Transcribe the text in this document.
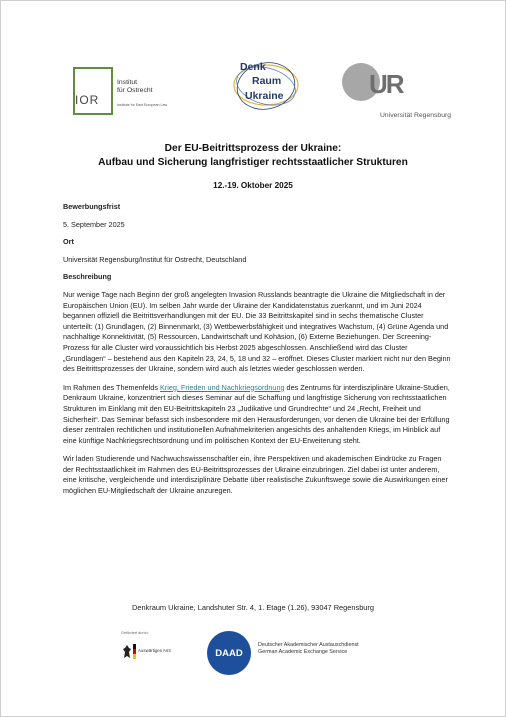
IOR
Institut
für Ostrecht
Institute for East European Law
Denk
Raum
Ukraine	UR
Universität Regensburg
Der EU-Beitrittsprozess der Ukraine:
Aufbau und Sicherung langfristiger rechtsstaatlicher Strukturen
12.-19. Oktober 2025

Bewerbungsfrist

5. September 2025

Ort

Universität Regensburg/Institut für Ostrecht, Deutschland

Beschreibung

Nur wenige Tage nach Beginn der groß angelegten Invasion Russlands beantragte die Ukraine die Mitgliedschaft in der Europäischen Union (EU). Im selben Jahr wurde der Ukraine der Kandidatenstatus zuerkannt, und im Juni 2024 begannen offiziell die Beitrittsverhandlungen mit der EU. Die 33 Beitrittskapitel sind in sechs thematische Cluster unterteilt: (1) Grundlagen, (2) Binnenmarkt, (3) Wettbewerbsfähigkeit und integratives Wachstum, (4) Grüne Agenda und nachhaltige Konnektivität, (5) Ressourcen, Landwirtschaft und Kohäsion, (6) Externe Beziehungen. Der Screening-Prozess für alle Cluster wird voraussichtlich bis Herbst 2025 abgeschlossen. Anschließend wird das Cluster „Grundlagen“ – bestehend aus den Kapiteln 23, 24, 5, 18 und 32 – eröffnet. Dieses Cluster markiert nicht nur den Beginn des Beitrittsprozesses der Ukraine, sondern wird auch als letztes wieder geschlossen werden.

Im Rahmen des Themenfelds Krieg, Frieden und Nachkriegsordnung des Zentrums für interdisziplinäre Ukraine-Studien, Denkraum Ukraine, konzentriert sich dieses Seminar auf die Schaffung und langfristige Sicherung von rechtsstaatlichen Strukturen im Einklang mit den EU-Beitrittskapiteln 23 „Judikative und Grundrechte“ und 24 „Recht, Freiheit und Sicherheit“. Das Seminar befasst sich insbesondere mit den Herausforderungen, vor denen die Ukraine bei der Erfüllung dieser zentralen rechtlichen und institutionellen Aufnahmekriterien angesichts des anhaltenden Kriegs, im Hinblick auf eine künftige Nachkriegsrechtsordnung und im politischen Kontext der EU-Erweiterung steht.

Wir laden Studierende und Nachwuchswissenschaftler ein, ihre Perspektiven und akademischen Eindrücke zu Fragen der Rechtsstaatlichkeit im Rahmen des EU-Beitrittsprozesses der Ukraine einzubringen. Ziel dabei ist unter anderem, eine kritische, vergleichende und interdisziplinäre Debatte über realistische Zukunftswege sowie die Auswirkungen einer möglichen EU-Mitgliedschaft der Ukraine anzuregen.

Denkraum Ukraine, Landshuter Str. 4, 1. Etage (1.26), 93047 Regensburg
Gefördert durch:
Auswärtiges Amt	DAAD
Deutscher Akademischer Austauschdienst
German Academic Exchange Service
